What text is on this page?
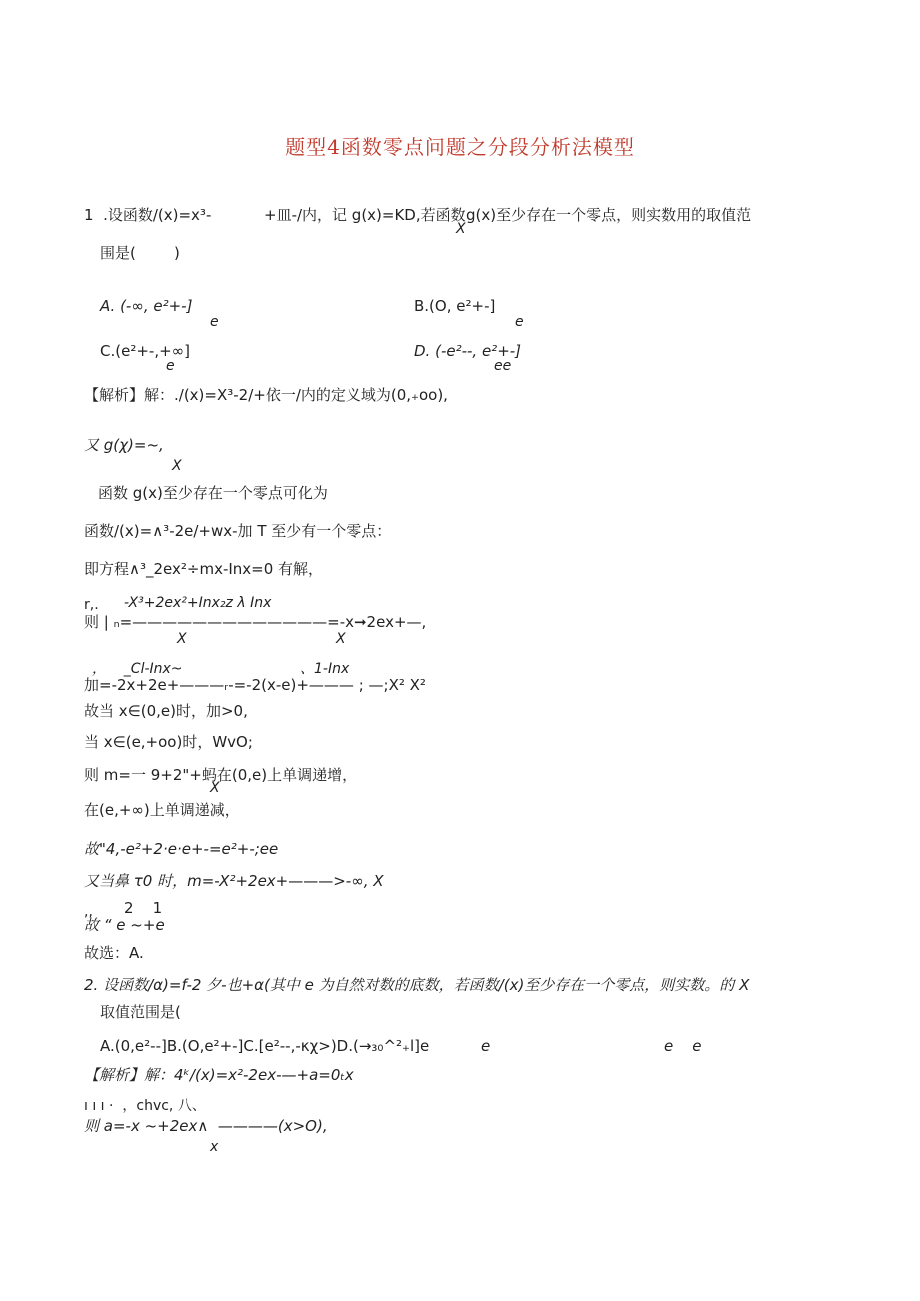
题型4函数零点问题之分段分析法模型
1  .设函数/(x)=x³-	+皿-/内，记 g(x)=KD,若函数
X
g(x)至少存在一个零点，则实数用的取值范
围是(        )
A. (-∞, e²+-]
e
B.(O, e²+-]
e
C.(e²+-,+∞]
e
D. (-e²--, e²+-]
ee
【解析】解：./(x)=X³-2/+依一/内的定义域为(0,₊oo),
又 g(χ)=~,
X
函数 g(x)至少存在一个零点可化为
函数/(x)=∧³-2e/+wx-加 T 至少有一个零点：
即方程∧³_2ex²÷mx-Inx=0 有解，
r,. -X³+2ex²+Inx₂z λ Inx
则 | ₙ=—————————————=-x➞2ex+—,
X	X
，    _Cl-Inx~	、1-Inx
加=-2x+2e+———ᵣ-=-2(x-e)+——— ; —;X² X²
故当 x∈(0,e)时，加>0,
当 x∈(e,+oo)时，WvO;
则 m=一 9+2"+蚂在(0,e)上单调递增，
X
在(e,+∞)上单调递减，
故"4,-e²+2·e·e+-=e²+-;ee
又当鼻 τ0 时，m=-X²+2ex+———>-∞, X
,, 2    1
故 “ e ~+e
故选：A.
2. 设函数/α)=f-2 夕-也+α(其中 e 为自然对数的底数，若函数/(x)至少存在一个零点，则实数。的 X
取值范围是(
A.(0,e²--]B.(O,e²+-]C.[e²--,-κχ>)D.(→₃₀^²₊l]e	e	e    e
【解析】解：4ᵏ/(x)=x²-2ex-—+a=0ₜx
ı ı ı ·  ，chvc, 八、
则 a=-x ~+2ex∧  ————(x>O),
x
